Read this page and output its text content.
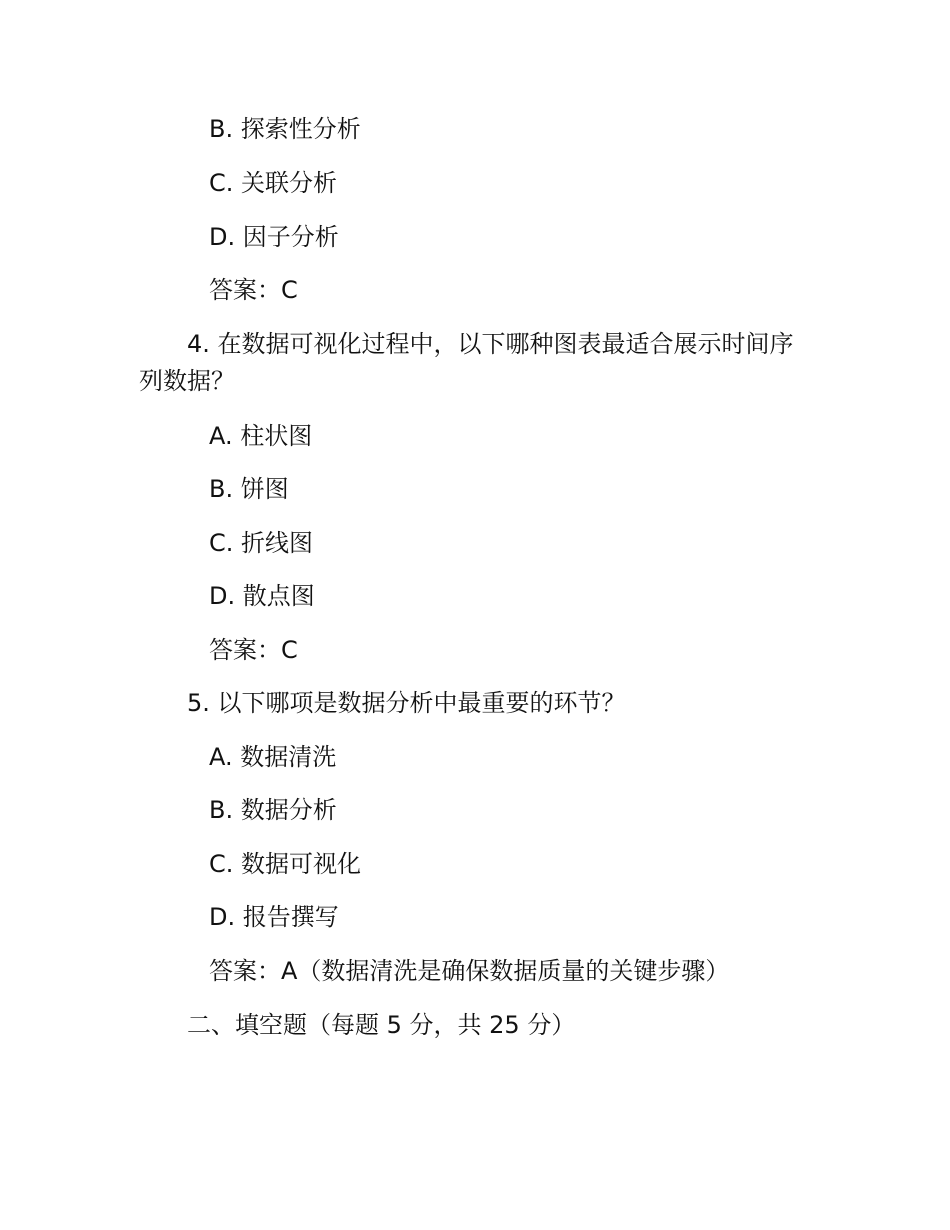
B. 探索性分析
C. 关联分析
D. 因子分析
答案：C
4. 在数据可视化过程中，以下哪种图表最适合展示时间序
列数据？
A. 柱状图
B. 饼图
C. 折线图
D. 散点图
答案：C
5. 以下哪项是数据分析中最重要的环节？
A. 数据清洗
B. 数据分析
C. 数据可视化
D. 报告撰写
答案：A（数据清洗是确保数据质量的关键步骤）
二、填空题（每题 5 分，共 25 分）
